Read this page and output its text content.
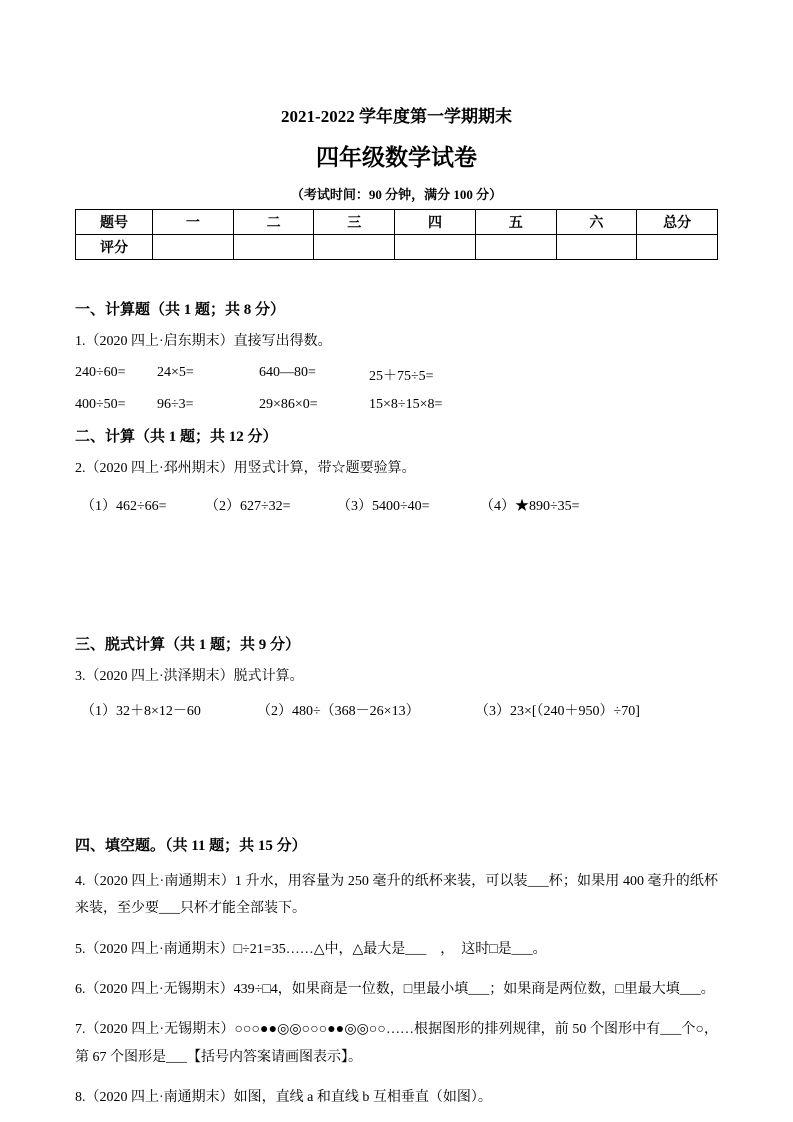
2021-2022 学年度第一学期期末
四年级数学试卷
（考试时间：90 分钟，满分 100 分）
题号	一	二	三	四	五	六	总分
评分							
一、计算题（共 1 题；共 8 分）
1.（2020 四上·启东期末）直接写出得数。
240÷60=	24×5=	640—80=	25＋75÷5=
400÷50=	96÷3=	29×86×0=	15×8÷15×8=
二、计算（共 1 题；共 12 分）
2.（2020 四上·邳州期末）用竖式计算，带☆题要验算。
（1）462÷66=	（2）627÷32=	（3）5400÷40=	（4）★890÷35=
三、脱式计算（共 1 题；共 9 分）
3.（2020 四上·洪泽期末）脱式计算。
（1）32＋8×12－60	（2）480÷（368－26×13）	（3）23×[（240＋950）÷70]
四、填空题。（共 11 题；共 15 分）
4.（2020 四上·南通期末）1 升水，用容量为 250 毫升的纸杯来装，可以装___杯；如果用 400 毫升的纸杯来装，至少要___只杯才能全部装下。
5.（2020 四上·南通期末）□÷21=35……△中，△最大是___　，　这时□是___。
6.（2020 四上·无锡期末）439÷□4，如果商是一位数，□里最小填___；如果商是两位数，□里最大填___。
7.（2020 四上·无锡期末）○○○●●◎◎○○○●●◎◎○○……根据图形的排列规律，前 50 个图形中有___个○，第 67 个图形是___【括号内答案请画图表示】。
8.（2020 四上·南通期末）如图，直线 a 和直线 b 互相垂直（如图）。
